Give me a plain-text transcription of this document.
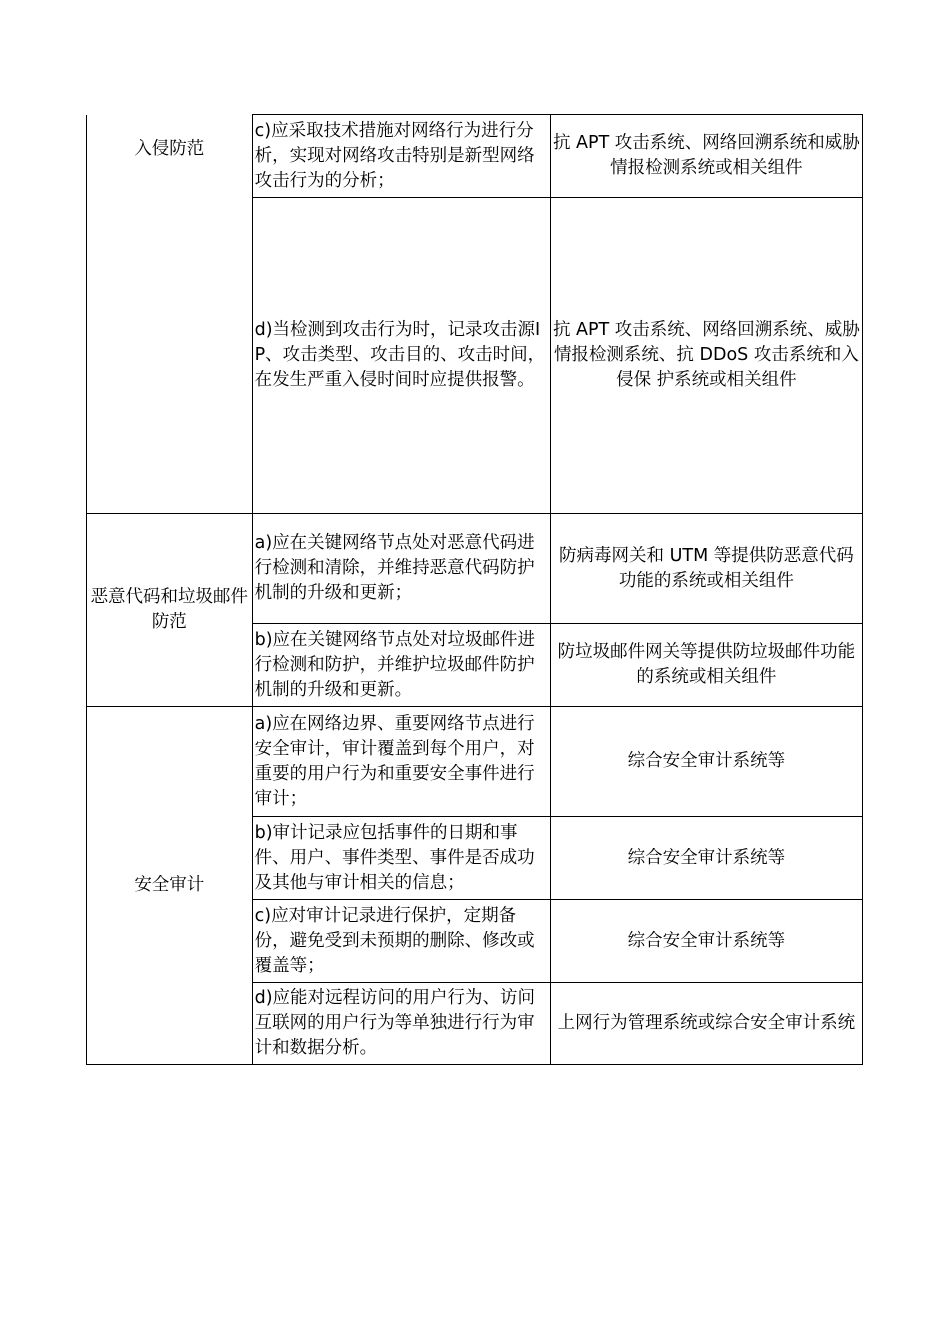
入侵防范	c)应采取技术措施对网络行为进行分析，实现对网络攻击特别是新型网络攻击行为的分析；	抗 APT 攻击系统、网络回溯系统和威胁情报检测系统或相关组件
	d)当检测到攻击行为时，记录攻击源IP、攻击类型、攻击目的、攻击时间，在发生严重入侵时间时应提供报警。	抗 APT 攻击系统、网络回溯系统、威胁情报检测系统、抗 DDoS 攻击系统和入侵保 护系统或相关组件
恶意代码和垃圾邮件防范	a)应在关键网络节点处对恶意代码进行检测和清除，并维持恶意代码防护机制的升级和更新；	防病毒网关和 UTM 等提供防恶意代码功能的系统或相关组件
	b)应在关键网络节点处对垃圾邮件进行检测和防护，并维护垃圾邮件防护机制的升级和更新。	防垃圾邮件网关等提供防垃圾邮件功能的系统或相关组件
安全审计	a)应在网络边界、重要网络节点进行安全审计，审计覆盖到每个用户，对重要的用户行为和重要安全事件进行审计；	综合安全审计系统等
	b)审计记录应包括事件的日期和事件、用户、事件类型、事件是否成功及其他与审计相关的信息；	综合安全审计系统等
	c)应对审计记录进行保护，定期备份，避免受到未预期的删除、修改或覆盖等；	综合安全审计系统等
	d)应能对远程访问的用户行为、访问互联网的用户行为等单独进行行为审计和数据分析。	上网行为管理系统或综合安全审计系统
